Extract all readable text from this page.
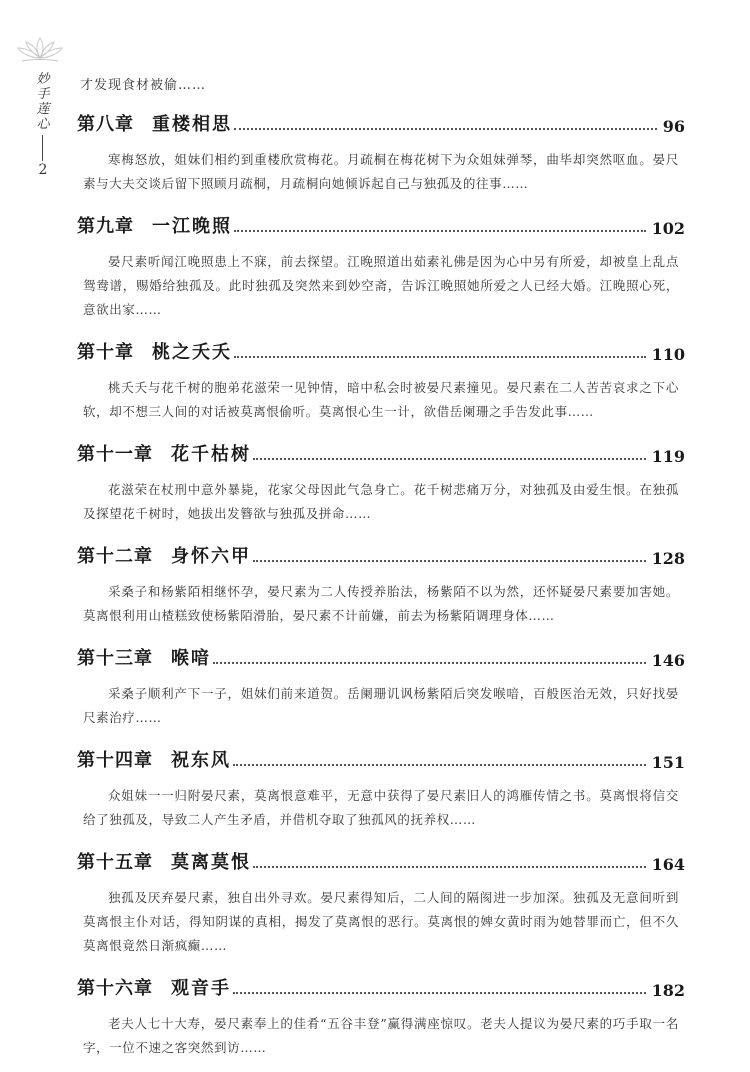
妙
手
莲
心
2
才发现食材被偷……
第八章 重楼相思	96
寒梅怒放，姐妹们相约到重楼欣赏梅花。月疏桐在梅花树下为众姐妹弹琴，曲毕却突然呕血。晏尺素与大夫交谈后留下照顾月疏桐，月疏桐向她倾诉起自己与独孤及的往事……
第九章 一江晚照	102
晏尺素听闻江晚照患上不寐，前去探望。江晚照道出茹素礼佛是因为心中另有所爱，却被皇上乱点鸳鸯谱，赐婚给独孤及。此时独孤及突然来到妙空斋，告诉江晚照她所爱之人已经大婚。江晚照心死，意欲出家……
第十章 桃之夭夭	110
桃夭夭与花千树的胞弟花滋荣一见钟情，暗中私会时被晏尺素撞见。晏尺素在二人苦苦哀求之下心软，却不想三人间的对话被莫离恨偷听。莫离恨心生一计，欲借岳阑珊之手告发此事……
第十一章 花千枯树	119
花滋荣在杖刑中意外暴毙，花家父母因此气急身亡。花千树悲痛万分，对独孤及由爱生恨。在独孤及探望花千树时，她拔出发簪欲与独孤及拼命……
第十二章 身怀六甲	128
采桑子和杨紫陌相继怀孕，晏尺素为二人传授养胎法，杨紫陌不以为然，还怀疑晏尺素要加害她。莫离恨利用山楂糕致使杨紫陌滑胎，晏尺素不计前嫌，前去为杨紫陌调理身体……
第十三章 喉喑	146
采桑子顺利产下一子，姐妹们前来道贺。岳阑珊讥讽杨紫陌后突发喉喑，百般医治无效，只好找晏尺素治疗……
第十四章 祝东风	151
众姐妹一一归附晏尺素，莫离恨意难平，无意中获得了晏尺素旧人的鸿雁传情之书。莫离恨将信交给了独孤及，导致二人产生矛盾，并借机夺取了独孤风的抚养权……
第十五章 莫离莫恨	164
独孤及厌弃晏尺素，独自出外寻欢。晏尺素得知后，二人间的隔阂进一步加深。独孤及无意间听到莫离恨主仆对话，得知阴谋的真相，揭发了莫离恨的恶行。莫离恨的婢女黄时雨为她替罪而亡，但不久莫离恨竟然日渐疯癫……
第十六章 观音手	182
老夫人七十大寿，晏尺素奉上的佳肴“五谷丰登”赢得满座惊叹。老夫人提议为晏尺素的巧手取一名字，一位不速之客突然到访……
